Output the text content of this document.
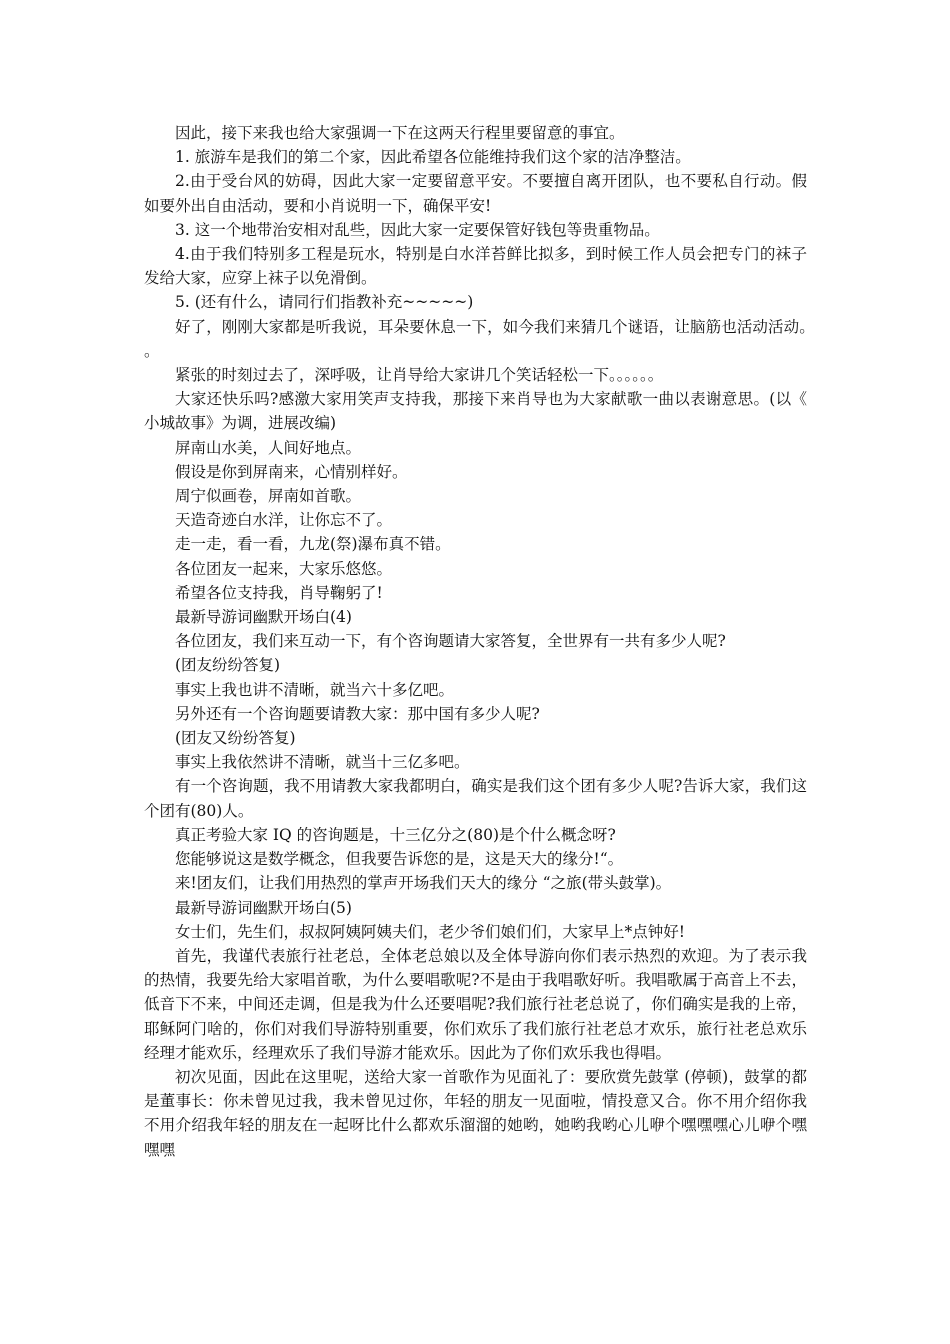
因此，接下来我也给大家强调一下在这两天行程里要留意的事宜。

1. 旅游车是我们的第二个家，因此希望各位能维持我们这个家的洁净整洁。

2.由于受台风的妨碍，因此大家一定要留意平安。不要擅自离开团队，也不要私自行动。假如要外出自由活动，要和小肖说明一下，确保平安!

3. 这一个地带治安相对乱些，因此大家一定要保管好钱包等贵重物品。

4.由于我们特别多工程是玩水，特别是白水洋苔鲜比拟多，到时候工作人员会把专门的袜子发给大家，应穿上袜子以免滑倒。

5. (还有什么，请同行们指教补充~~~~~)

好了，刚刚大家都是听我说，耳朵要休息一下，如今我们来猜几个谜语，让脑筋也活动活动。。

紧张的时刻过去了，深呼吸，让肖导给大家讲几个笑话轻松一下。。。。。。

大家还快乐吗?感激大家用笑声支持我，那接下来肖导也为大家献歌一曲以表谢意思。(以《小城故事》为调，进展改编)

屏南山水美，人间好地点。

假设是你到屏南来，心情别样好。

周宁似画卷，屏南如首歌。

天造奇迹白水洋，让你忘不了。

走一走，看一看，九龙(祭)瀑布真不错。

各位团友一起来，大家乐悠悠。

希望各位支持我，肖导鞠躬了!

最新导游词幽默开场白(4)

各位团友，我们来互动一下，有个咨询题请大家答复，全世界有一共有多少人呢?

(团友纷纷答复)

事实上我也讲不清晰，就当六十多亿吧。

另外还有一个咨询题要请教大家：那中国有多少人呢?

(团友又纷纷答复)

事实上我依然讲不清晰，就当十三亿多吧。

有一个咨询题，我不用请教大家我都明白，确实是我们这个团有多少人呢?告诉大家，我们这个团有(80)人。

真正考验大家 IQ 的咨询题是，十三亿分之(80)是个什么概念呀?

您能够说这是数学概念，但我要告诉您的是，这是天大的缘分!“。

来!团友们，让我们用热烈的掌声开场我们天大的缘分 “之旅(带头鼓掌)。

最新导游词幽默开场白(5)

女士们，先生们，叔叔阿姨阿姨夫们，老少爷们娘们们，大家早上*点钟好!

首先，我谨代表旅行社老总，全体老总娘以及全体导游向你们表示热烈的欢迎。为了表示我的热情，我要先给大家唱首歌，为什么要唱歌呢?不是由于我唱歌好听。我唱歌属于高音上不去，低音下不来，中间还走调，但是我为什么还要唱呢?我们旅行社老总说了，你们确实是我的上帝，耶稣阿门啥的，你们对我们导游特别重要，你们欢乐了我们旅行社老总才欢乐，旅行社老总欢乐经理才能欢乐，经理欢乐了我们导游才能欢乐。因此为了你们欢乐我也得唱。

初次见面，因此在这里呢，送给大家一首歌作为见面礼了：要欣赏先鼓掌 (停顿)，鼓掌的都是董事长：你未曾见过我，我未曾见过你，年轻的朋友一见面啦，情投意又合。你不用介绍你我不用介绍我年轻的朋友在一起呀比什么都欢乐溜溜的她哟，她哟我哟心儿咿个嘿嘿嘿心儿咿个嘿嘿嘿
